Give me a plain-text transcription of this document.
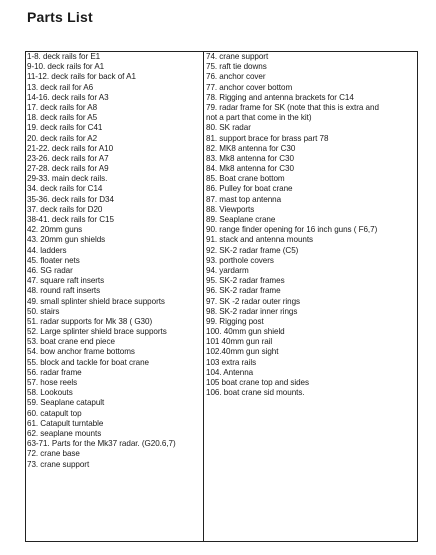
Parts List
1-8. deck rails for E1
9-10. deck rails for A1
11-12. deck rails for back of A1
13. deck rail for A6
14-16. deck rails for A3
17. deck rails for A8
18. deck rails for A5
19. deck rails for C41
20. deck rails for A2
21-22. deck rails for A10
23-26. deck rails for A7
27-28. deck rails for A9
29-33. main deck rails.
34. deck rails for C14
35-36. deck rails for D34
37. deck rails for D20
38-41. deck rails for C15
42. 20mm guns
43. 20mm gun shields
44. ladders
45. floater nets
46. SG radar
47. square raft inserts
48. round raft inserts
49. small splinter shield brace supports
50. stairs
51. radar supports for Mk 38 ( G30)
52. Large splinter shield brace supports
53. boat crane end piece
54. bow anchor frame bottoms
55. block and tackle for boat crane
56. radar frame
57. hose reels
58. Lookouts
59. Seaplane catapult
60. catapult top
61. Catapult turntable
62. seaplane mounts
63-71. Parts for the Mk37 radar. (G20.6,7)
72. crane base
73. crane support
74. crane support
75. raft tie downs
76. anchor cover
77. anchor cover bottom
78. Rigging and antenna brackets for C14
79. radar frame for SK (note that this is extra and
not a part that come in the kit)
80. SK radar
81. support brace for brass part 78
82. MK8 antenna for C30
83. Mk8 antenna for C30
84. Mk8 antenna for C30
85. Boat crane bottom
86. Pulley for boat crane
87. mast top antenna
88. Viewports
89. Seaplane crane
90. range finder opening for 16 inch guns ( F6,7)
91. stack and antenna mounts
92. SK-2 radar frame (C5)
93. porthole covers
94. yardarm
95. SK-2 radar frames
96. SK-2 radar frame
97. SK -2 radar outer rings
98. SK-2 radar inner rings
99. Rigging post
100. 40mm gun shield
101 40mm gun rail
102.40mm gun sight
103 extra rails
104. Antenna
105 boat crane top and sides
106. boat crane sid mounts.
